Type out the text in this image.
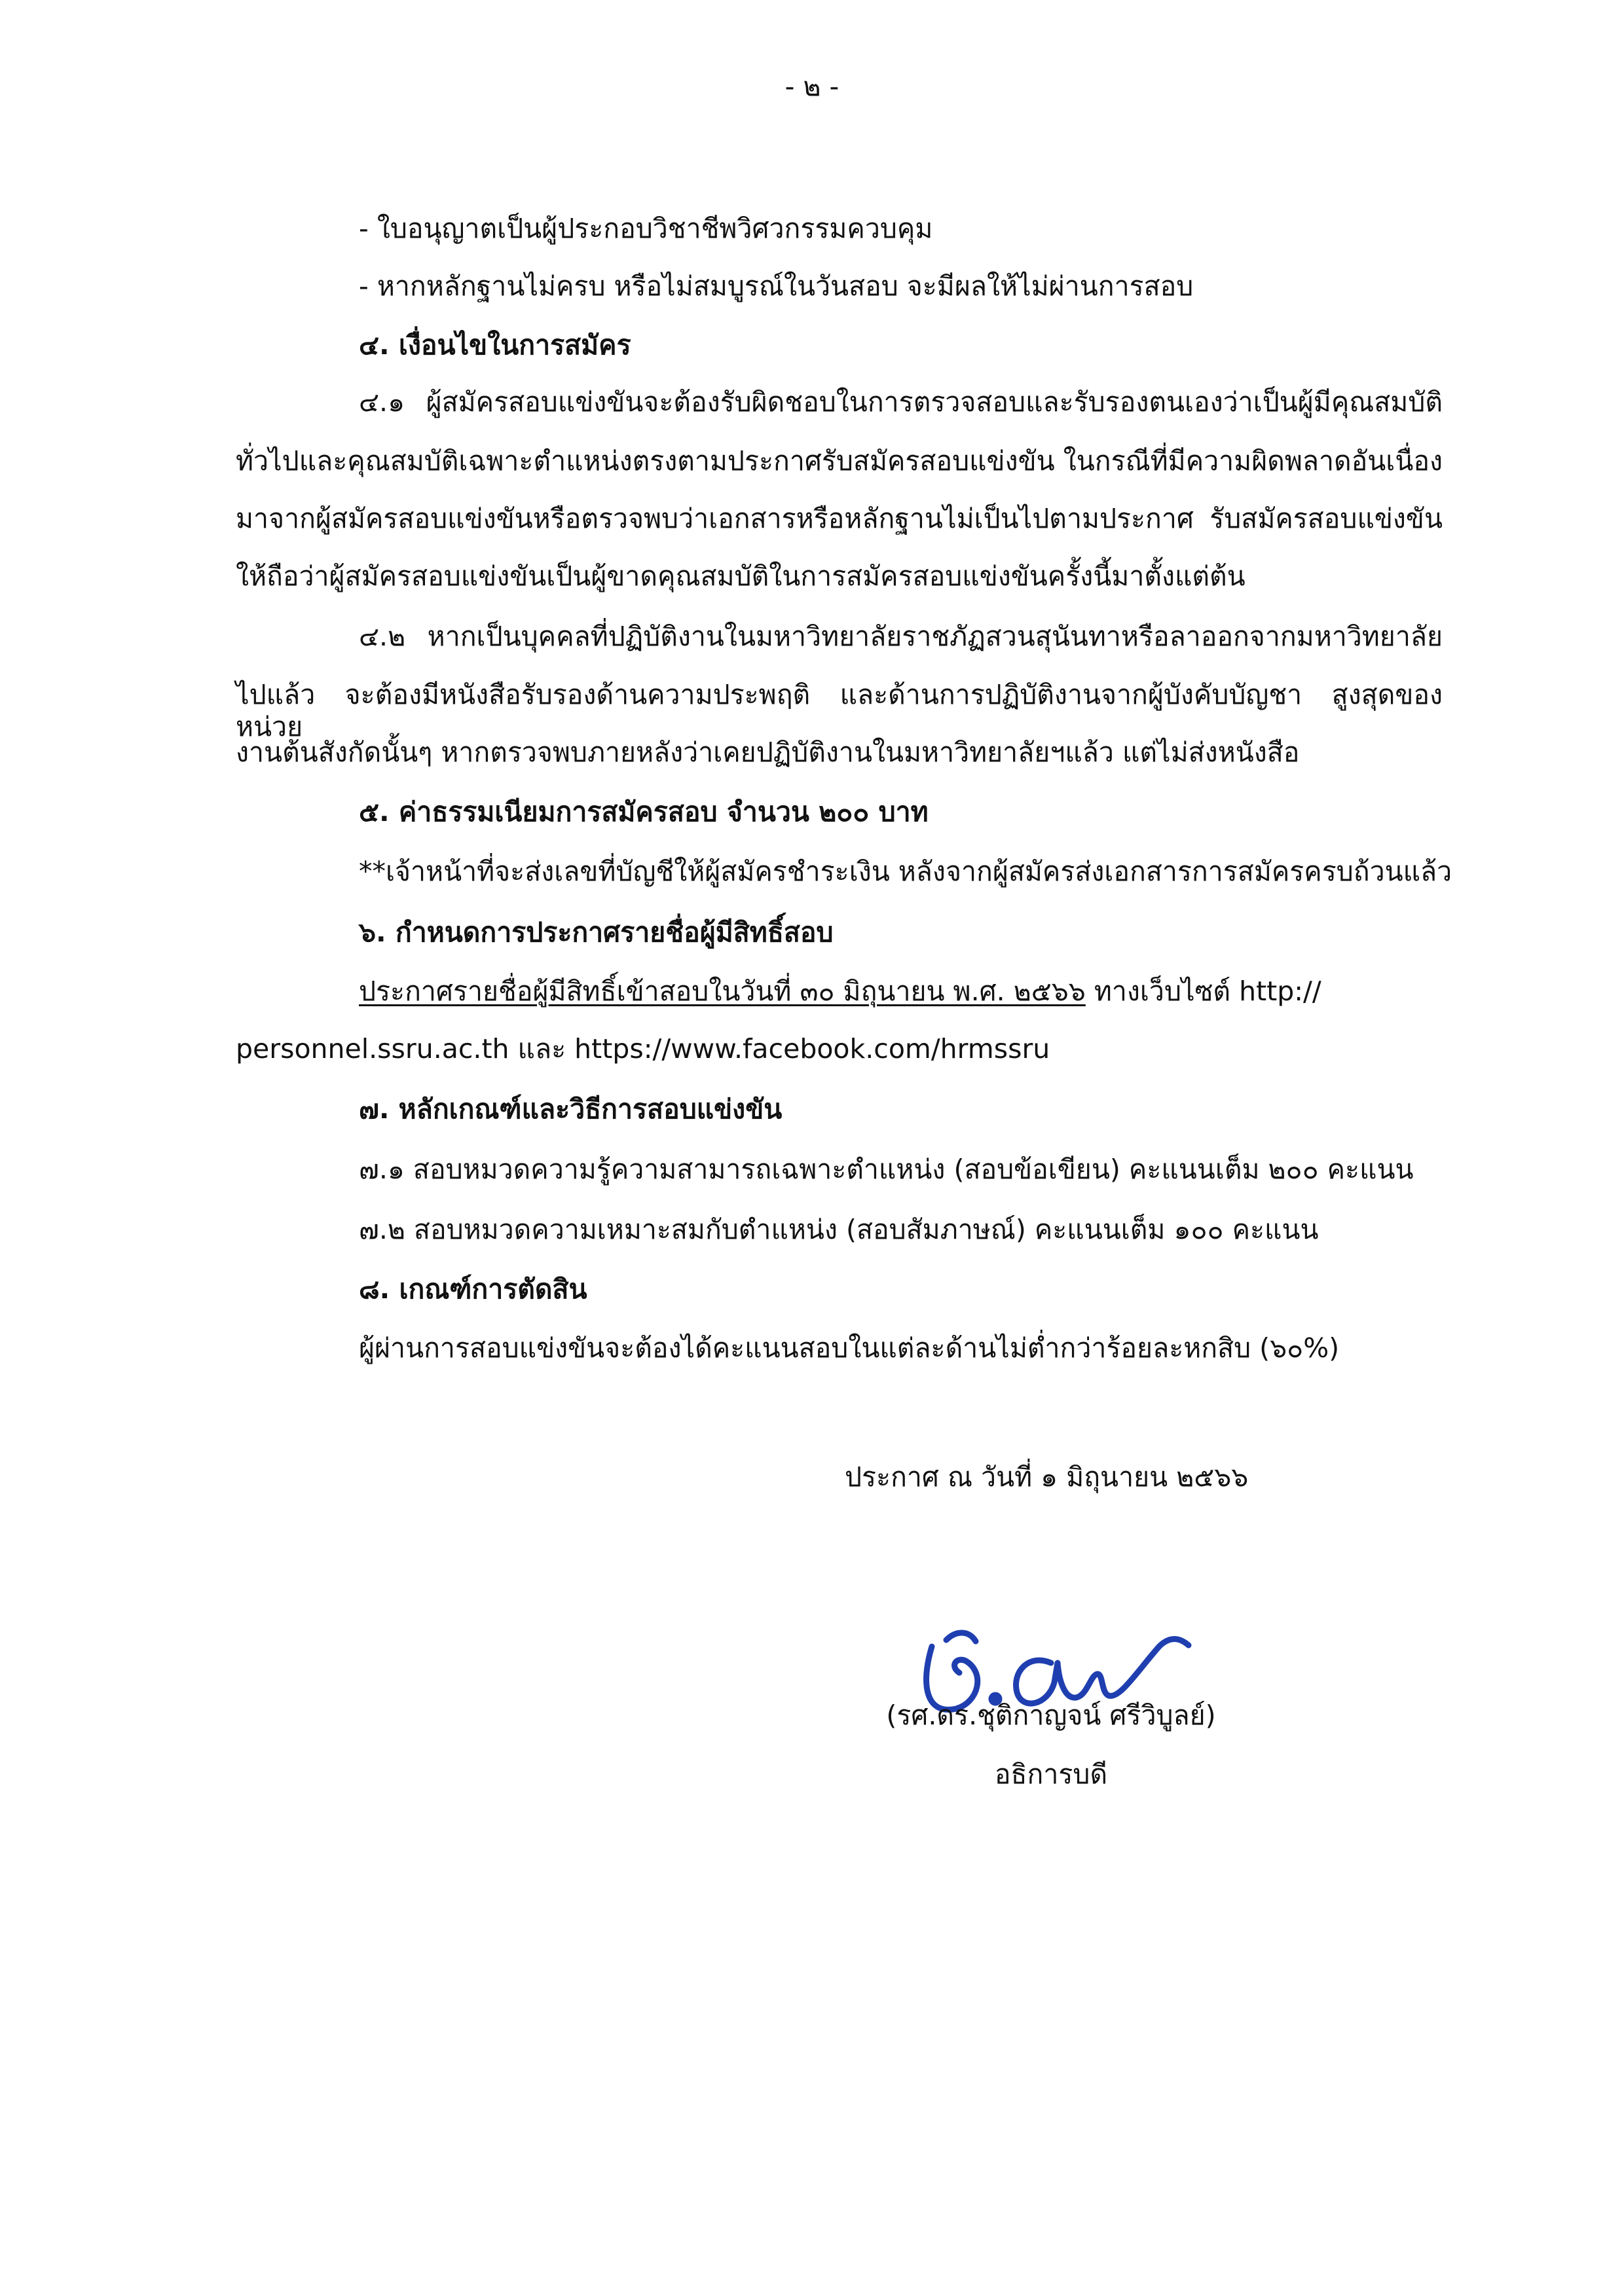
- ๒ -
- ใบอนุญาตเป็นผู้ประกอบวิชาชีพวิศวกรรมควบคุม
- หากหลักฐานไม่ครบ หรือไม่สมบูรณ์ในวันสอบ จะมีผลให้ไม่ผ่านการสอบ
๔. เงื่อนไขในการสมัคร
๔.๑ ผู้สมัครสอบแข่งขันจะต้องรับผิดชอบในการตรวจสอบและรับรองตนเองว่าเป็นผู้มีคุณสมบัติ
ทั่วไปและคุณสมบัติเฉพาะตำแหน่งตรงตามประกาศรับสมัครสอบแข่งขัน ในกรณีที่มีความผิดพลาดอันเนื่อง
มาจากผู้สมัครสอบแข่งขันหรือตรวจพบว่าเอกสารหรือหลักฐานไม่เป็นไปตามประกาศ รับสมัครสอบแข่งขัน
ให้ถือว่าผู้สมัครสอบแข่งขันเป็นผู้ขาดคุณสมบัติในการสมัครสอบแข่งขันครั้งนี้มาตั้งแต่ต้น
๔.๒ หากเป็นบุคคลที่ปฏิบัติงานในมหาวิทยาลัยราชภัฏสวนสุนันทาหรือลาออกจากมหาวิทยาลัย
ไปแล้ว จะต้องมีหนังสือรับรองด้านความประพฤติ และด้านการปฏิบัติงานจากผู้บังคับบัญชา สูงสุดของหน่วย
งานต้นสังกัดนั้นๆ หากตรวจพบภายหลังว่าเคยปฏิบัติงานในมหาวิทยาลัยฯแล้ว แต่ไม่ส่งหนังสือ
๕. ค่าธรรมเนียมการสมัครสอบ จำนวน ๒๐๐ บาท
**เจ้าหน้าที่จะส่งเลขที่บัญชีให้ผู้สมัครชำระเงิน หลังจากผู้สมัครส่งเอกสารการสมัครครบถ้วนแล้ว
๖. กำหนดการประกาศรายชื่อผู้มีสิทธิ์สอบ
ประกาศรายชื่อผู้มีสิทธิ์เข้าสอบในวันที่ ๓๐ มิถุนายน พ.ศ. ๒๕๖๖ ทางเว็บไซต์ http://
personnel.ssru.ac.th และ https://www.facebook.com/hrmssru
๗. หลักเกณฑ์และวิธีการสอบแข่งขัน
๗.๑ สอบหมวดความรู้ความสามารถเฉพาะตำแหน่ง (สอบข้อเขียน) คะแนนเต็ม ๒๐๐ คะแนน
๗.๒ สอบหมวดความเหมาะสมกับตำแหน่ง (สอบสัมภาษณ์) คะแนนเต็ม ๑๐๐ คะแนน
๘. เกณฑ์การตัดสิน
ผู้ผ่านการสอบแข่งขันจะต้องได้คะแนนสอบในแต่ละด้านไม่ต่ำกว่าร้อยละหกสิบ (๖๐%)
ประกาศ ณ วันที่ ๑ มิถุนายน ๒๕๖๖
(รศ.ดร.ชุติกาญจน์ ศรีวิบูลย์)
อธิการบดี
